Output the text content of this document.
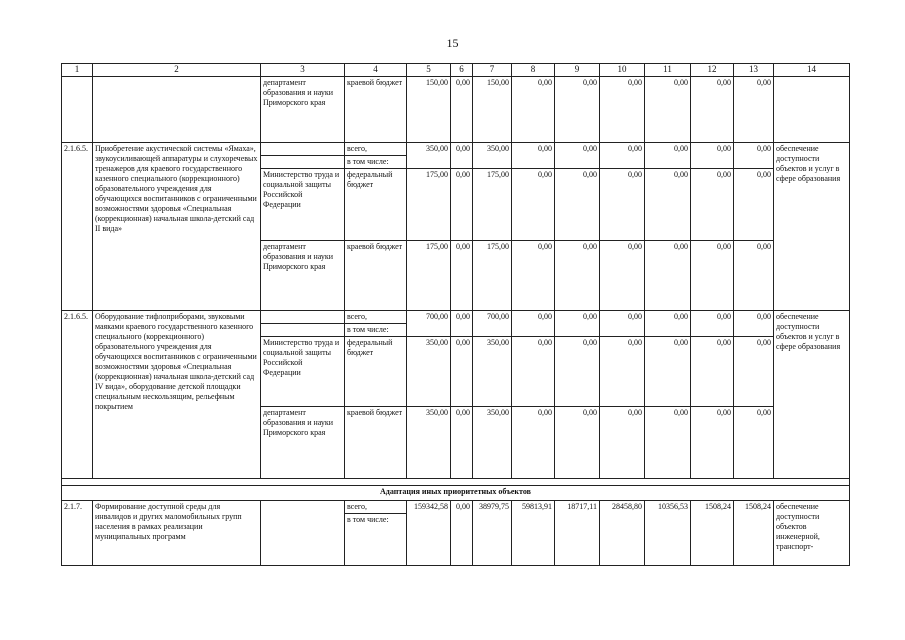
15
1	2	3	4	5	6	7	8	9	10	11	12	13	14
		департамент образования и науки Приморского края	краевой бюджет	150,00	0,00	150,00	0,00	0,00	0,00	0,00	0,00	0,00	
2.1.6.5.	Приобретение акустической системы «Ямаха», звукоусиливающей аппаратуры и слухоречевых тренажеров для краевого государственного казенного специального (коррекционного) образовательного учреждения для обучающихся воспитанников с ограниченными возможностями здоровья «Специальная (коррекционная) начальная школа-детский сад II вида»		всего,	350,00	0,00	350,00	0,00	0,00	0,00	0,00	0,00	0,00	обеспечение доступности объектов и услуг в сфере образования
			в том числе:										
		Министерство труда и социальной защиты Российской Федерации	федеральный бюджет	175,00	0,00	175,00	0,00	0,00	0,00	0,00	0,00	0,00	
		департамент образования и науки Приморского края	краевой бюджет	175,00	0,00	175,00	0,00	0,00	0,00	0,00	0,00	0,00	
2.1.6.5.	Оборудование тифлоприборами, звуковыми маяками краевого государственного казенного специального (коррекционного) образовательного учреждения для обучающихся воспитанников с ограниченными возможностями здоровья «Специальная (коррекционная) начальная школа-детский сад IV вида», оборудование детской площадки специальным нескользящим, рельефным покрытием		всего,	700,00	0,00	700,00	0,00	0,00	0,00	0,00	0,00	0,00	обеспечение доступности объектов и услуг в сфере образования
			в том числе:										
		Министерство труда и социальной защиты Российской Федерации	федеральный бюджет	350,00	0,00	350,00	0,00	0,00	0,00	0,00	0,00	0,00	
		департамент образования и науки Приморского края	краевой бюджет	350,00	0,00	350,00	0,00	0,00	0,00	0,00	0,00	0,00	

Адаптация иных приоритетных объектов													
2.1.7.	Формирование доступной среды для инвалидов и других маломобильных групп населения в рамках реализации муниципальных программ		всего,	159342,58	0,00	38979,75	59813,91	18717,11	28458,80	10356,53	1508,24	1508,24	обеспечение доступности объектов инженерной, транспорт-
			в том числе:										
